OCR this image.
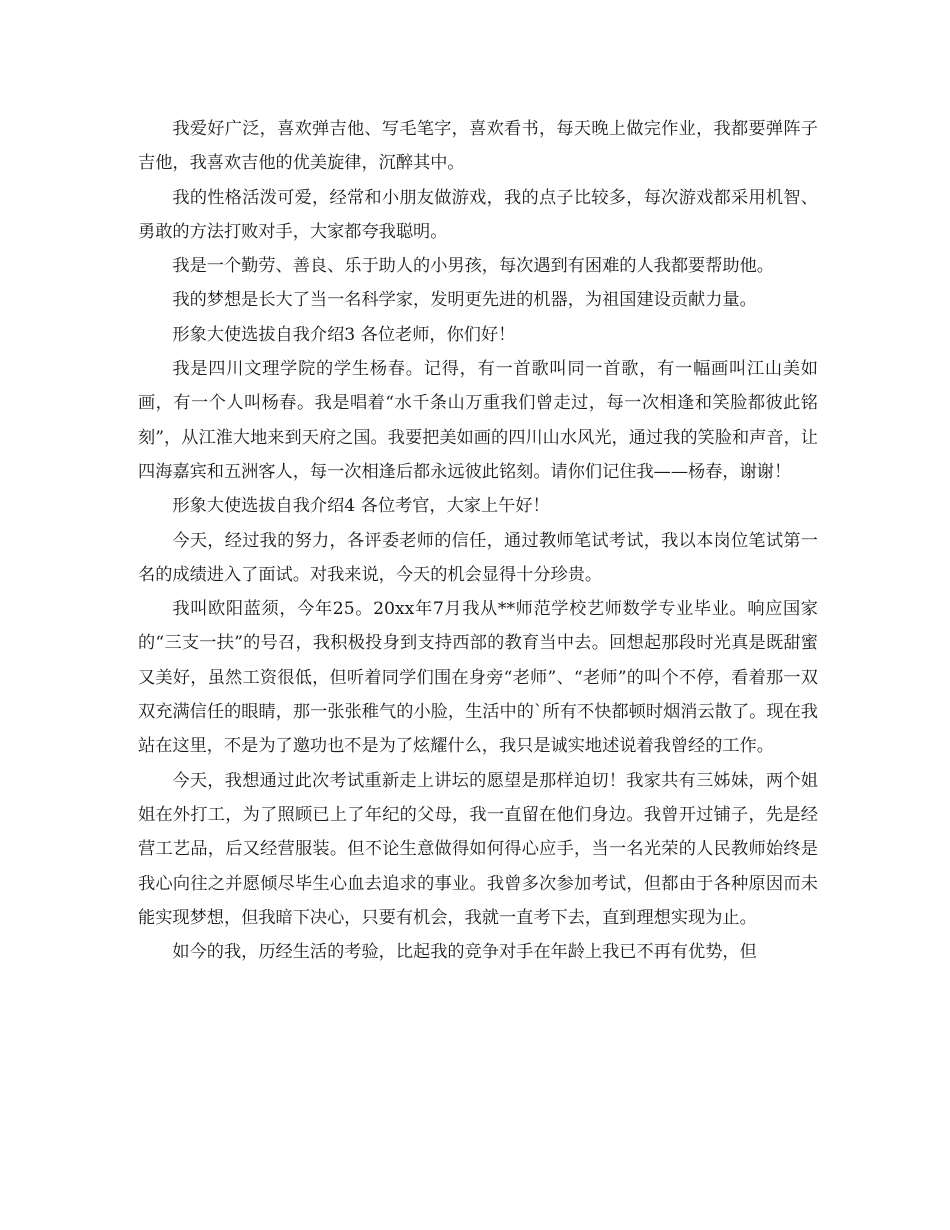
我爱好广泛，喜欢弹吉他、写毛笔字，喜欢看书，每天晚上做完作业，我都要弹阵子吉他，我喜欢吉他的优美旋律，沉醉其中。

我的性格活泼可爱，经常和小朋友做游戏，我的点子比较多，每次游戏都采用机智、勇敢的方法打败对手，大家都夸我聪明。

我是一个勤劳、善良、乐于助人的小男孩，每次遇到有困难的人我都要帮助他。

我的梦想是长大了当一名科学家，发明更先进的机器，为祖国建设贡献力量。

形象大使选拔自我介绍3 各位老师，你们好！

我是四川文理学院的学生杨春。记得，有一首歌叫同一首歌，有一幅画叫江山美如画，有一个人叫杨春。我是唱着“水千条山万重我们曾走过，每一次相逢和笑脸都彼此铭刻”，从江淮大地来到天府之国。我要把美如画的四川山水风光，通过我的笑脸和声音，让四海嘉宾和五洲客人，每一次相逢后都永远彼此铭刻。请你们记住我——杨春，谢谢！

形象大使选拔自我介绍4 各位考官，大家上午好！

今天，经过我的努力，各评委老师的信任，通过教师笔试考试，我以本岗位笔试第一名的成绩进入了面试。对我来说，今天的机会显得十分珍贵。

我叫欧阳蓝须，今年25。20xx年7月我从**师范学校艺师数学专业毕业。响应国家的“三支一扶”的号召，我积极投身到支持西部的教育当中去。回想起那段时光真是既甜蜜又美好，虽然工资很低，但听着同学们围在身旁“老师”、“老师”的叫个不停，看着那一双双充满信任的眼睛，那一张张稚气的小脸，生活中的`所有不快都顿时烟消云散了。现在我站在这里，不是为了邀功也不是为了炫耀什么，我只是诚实地述说着我曾经的工作。

今天，我想通过此次考试重新走上讲坛的愿望是那样迫切！我家共有三姊妹，两个姐姐在外打工，为了照顾已上了年纪的父母，我一直留在他们身边。我曾开过铺子，先是经营工艺品，后又经营服装。但不论生意做得如何得心应手，当一名光荣的人民教师始终是我心向往之并愿倾尽毕生心血去追求的事业。我曾多次参加考试，但都由于各种原因而未能实现梦想，但我暗下决心，只要有机会，我就一直考下去，直到理想实现为止。

如今的我，历经生活的考验，比起我的竞争对手在年龄上我已不再有优势，但
